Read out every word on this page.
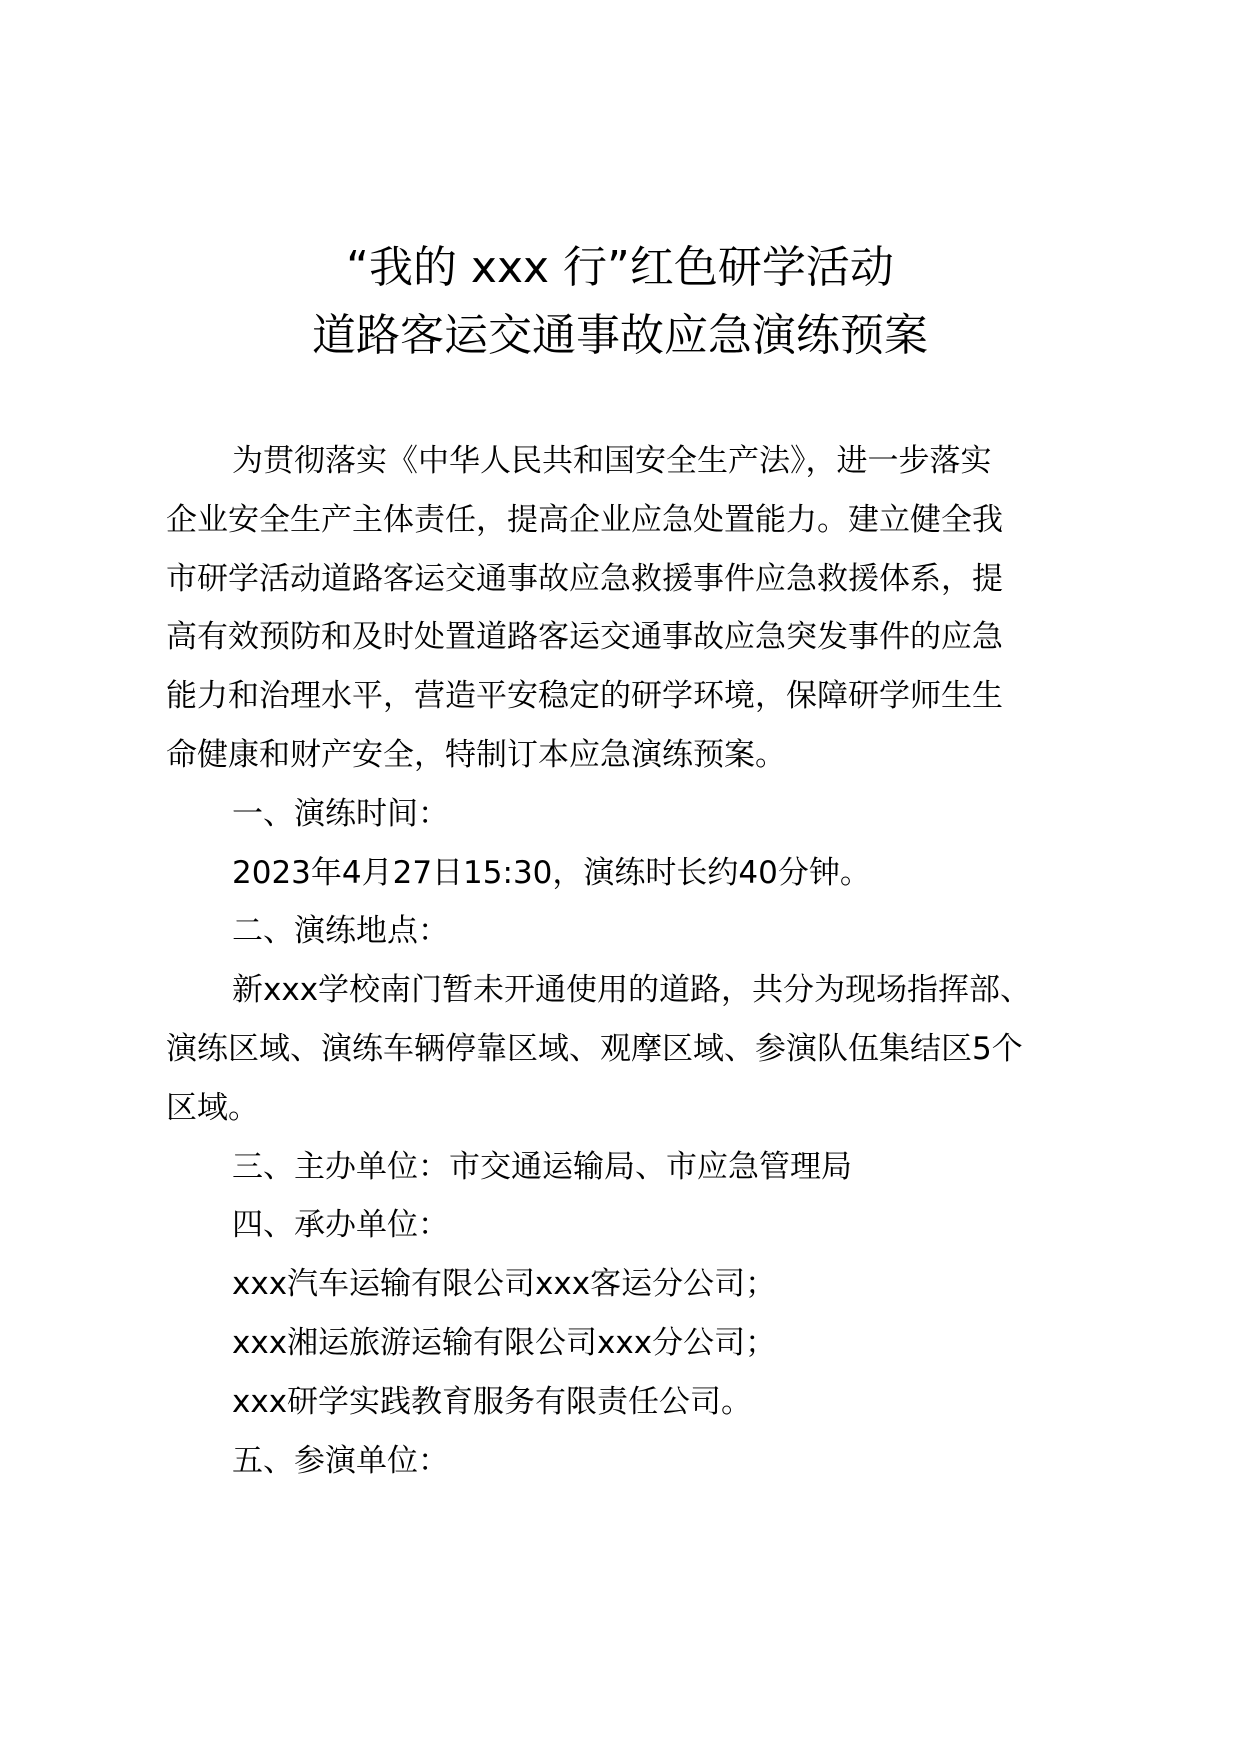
“我的 xxx 行”红色研学活动
道路客运交通事故应急演练预案
为贯彻落实《中华人民共和国安全生产法》，进一步落实
企业安全生产主体责任，提高企业应急处置能力。建立健全我
市研学活动道路客运交通事故应急救援事件应急救援体系，提
高有效预防和及时处置道路客运交通事故应急突发事件的应急
能力和治理水平，营造平安稳定的研学环境，保障研学师生生
命健康和财产安全，特制订本应急演练预案。
一、演练时间：
2023年4月27日15:30，演练时长约40分钟。
二、演练地点：
新xxx学校南门暂未开通使用的道路，共分为现场指挥部、
演练区域、演练车辆停靠区域、观摩区域、参演队伍集结区5个
区域。
三、主办单位：市交通运输局、市应急管理局
四、承办单位：
xxx汽车运输有限公司xxx客运分公司；
xxx湘运旅游运输有限公司xxx分公司；
xxx研学实践教育服务有限责任公司。
五、参演单位：
